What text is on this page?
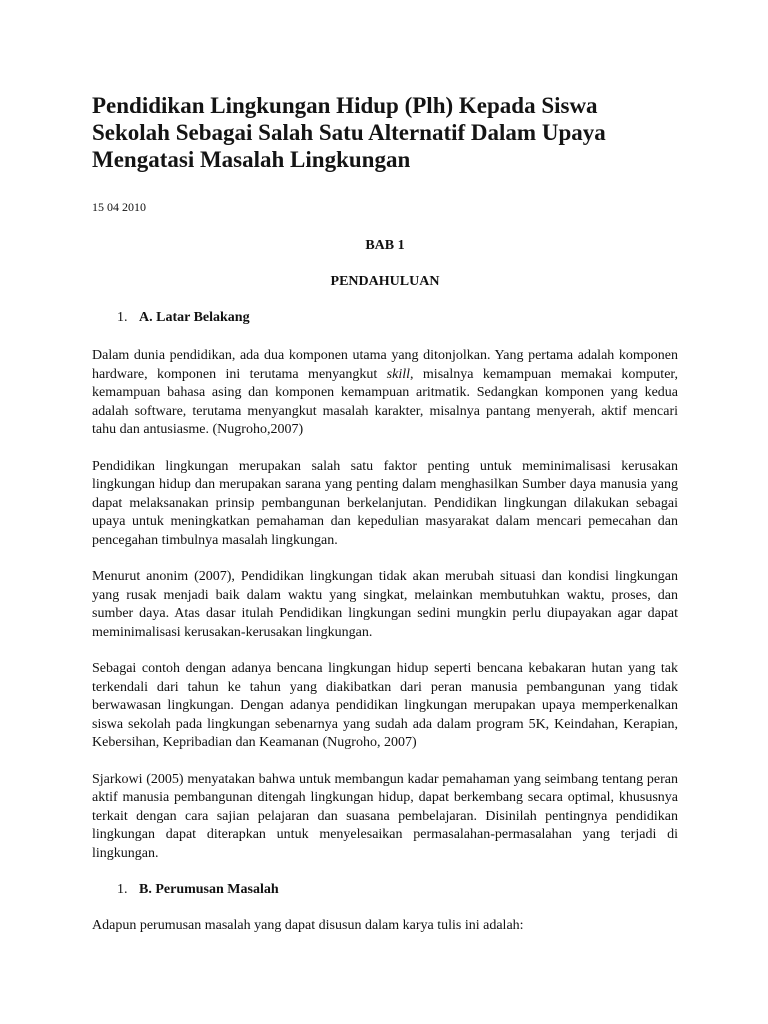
Pendidikan Lingkungan Hidup (Plh) Kepada Siswa Sekolah Sebagai Salah Satu Alternatif Dalam Upaya Mengatasi Masalah Lingkungan
15 04 2010
BAB 1
PENDAHULUAN
1. A. Latar Belakang

Dalam dunia pendidikan, ada dua komponen utama yang ditonjolkan. Yang pertama adalah komponen hardware, komponen ini terutama menyangkut skill, misalnya kemampuan memakai komputer, kemampuan bahasa asing dan komponen kemampuan aritmatik. Sedangkan komponen yang kedua adalah software, terutama menyangkut masalah karakter, misalnya pantang menyerah, aktif mencari tahu dan antusiasme. (Nugroho,2007)

Pendidikan lingkungan merupakan salah satu faktor penting untuk meminimalisasi kerusakan lingkungan hidup dan merupakan sarana yang penting dalam menghasilkan Sumber daya manusia yang dapat melaksanakan prinsip pembangunan berkelanjutan. Pendidikan lingkungan dilakukan sebagai upaya untuk meningkatkan pemahaman dan kepedulian masyarakat dalam mencari pemecahan dan pencegahan timbulnya masalah lingkungan.

Menurut anonim (2007), Pendidikan lingkungan tidak akan merubah situasi dan kondisi lingkungan yang rusak menjadi baik dalam waktu yang singkat, melainkan membutuhkan waktu, proses, dan sumber daya. Atas dasar itulah Pendidikan lingkungan sedini mungkin perlu diupayakan agar dapat meminimalisasi kerusakan-kerusakan lingkungan.

Sebagai contoh dengan adanya bencana lingkungan hidup seperti bencana kebakaran hutan yang tak terkendali dari tahun ke tahun yang diakibatkan dari peran manusia pembangunan yang tidak berwawasan lingkungan. Dengan adanya pendidikan lingkungan merupakan upaya memperkenalkan siswa sekolah pada lingkungan sebenarnya yang sudah ada dalam program 5K, Keindahan, Kerapian, Kebersihan, Kepribadian dan Keamanan (Nugroho, 2007)

Sjarkowi (2005) menyatakan bahwa untuk membangun kadar pemahaman yang seimbang tentang peran aktif manusia pembangunan ditengah lingkungan hidup, dapat berkembang secara optimal, khususnya terkait dengan cara sajian pelajaran dan suasana pembelajaran. Disinilah pentingnya pendidikan lingkungan dapat diterapkan untuk menyelesaikan permasalahan-permasalahan yang terjadi di lingkungan.

1. B. Perumusan Masalah

Adapun perumusan masalah yang dapat disusun dalam karya tulis ini adalah:
